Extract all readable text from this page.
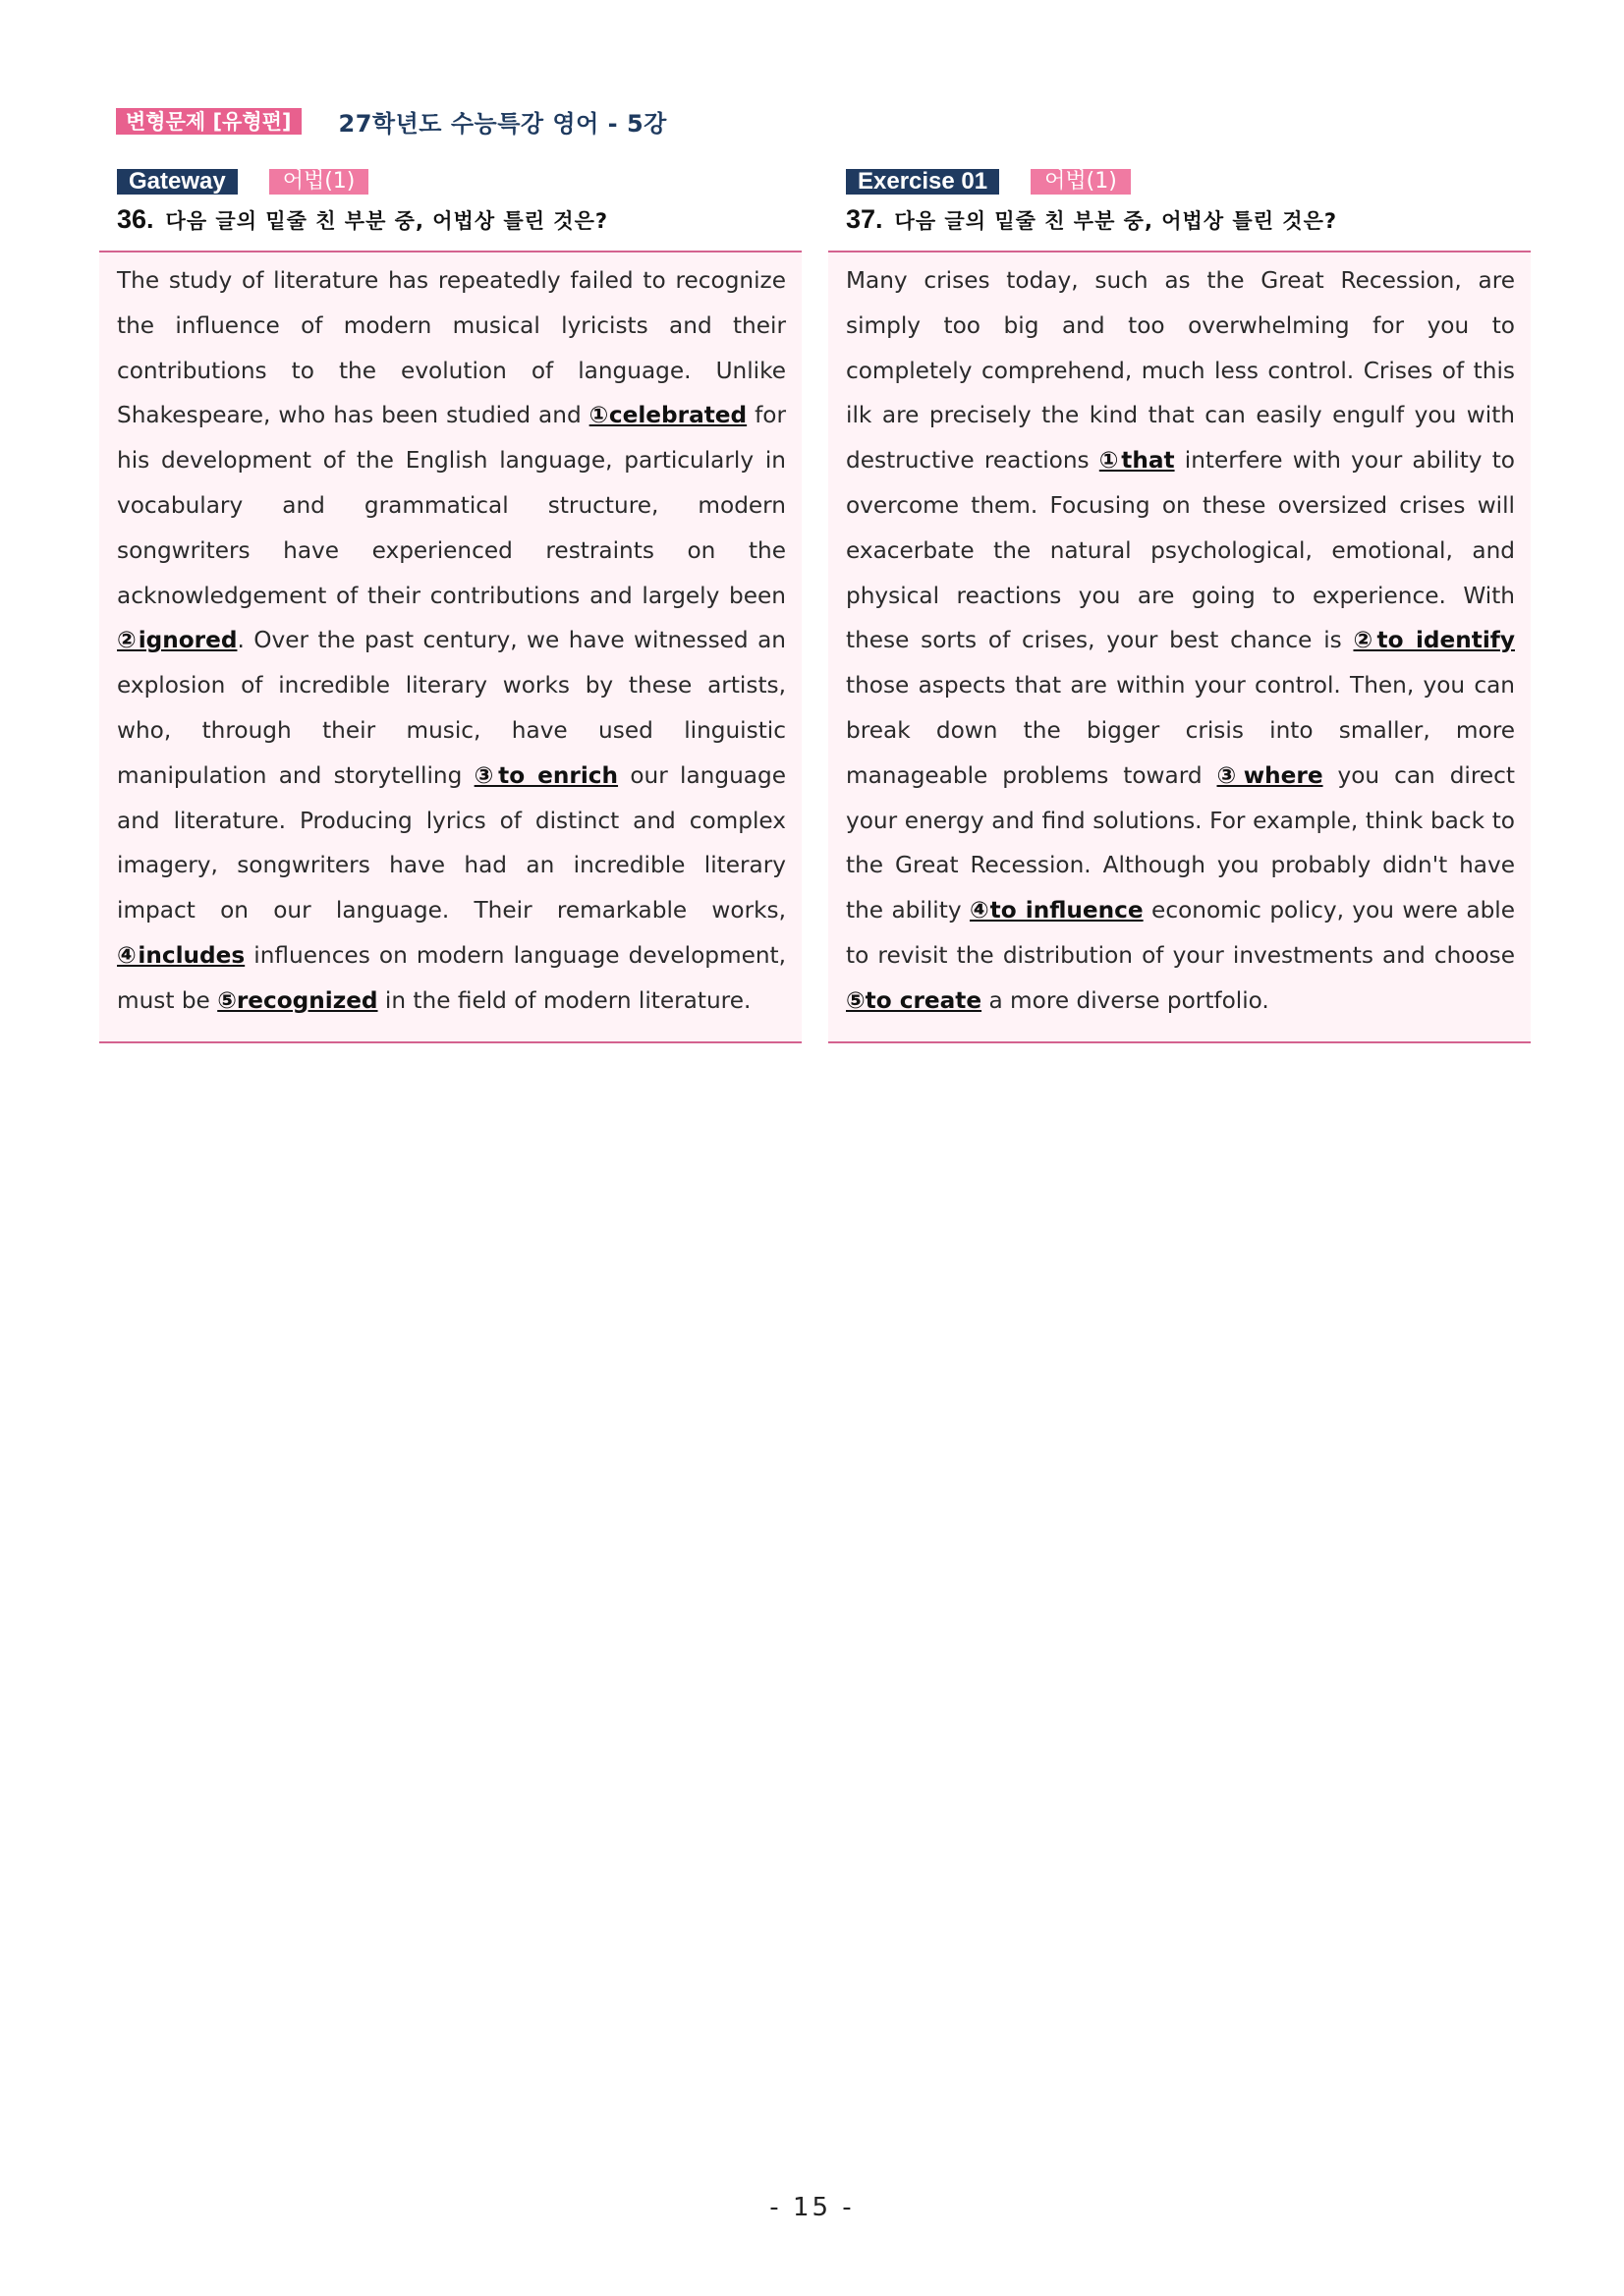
변형문제 [유형편]	27학년도 수능특강 영어 - 5강
Gateway	어법(1)
36. 다음 글의 밑줄 친 부분 중, 어법상 틀린 것은?

The study of literature has repeatedly failed to recognize the influence of modern musical lyricists and their contributions to the evolution of language. Unlike Shakespeare, who has been studied and ①celebrated for his development of the English language, particularly in vocabulary and grammatical structure, modern songwriters have experienced restraints on the acknowledgement of their contributions and largely been ②ignored. Over the past century, we have witnessed an explosion of incredible literary works by these artists, who, through their music, have used linguistic manipulation and storytelling ③to enrich our language and literature. Producing lyrics of distinct and complex imagery, songwriters have had an incredible literary impact on our language. Their remarkable works, ④includes influences on modern language development, must be ⑤recognized in the field of modern literature.

Exercise 01	어법(1)
37. 다음 글의 밑줄 친 부분 중, 어법상 틀린 것은?

Many crises today, such as the Great Recession, are simply too big and too overwhelming for you to completely comprehend, much less control. Crises of this ilk are precisely the kind that can easily engulf you with destructive reactions ①that interfere with your ability to overcome them. Focusing on these oversized crises will exacerbate the natural psychological, emotional, and physical reactions you are going to experience. With these sorts of crises, your best chance is ②to identify those aspects that are within your control. Then, you can break down the bigger crisis into smaller, more manageable problems toward ③where you can direct your energy and find solutions. For example, think back to the Great Recession. Although you probably didn't have the ability ④to influence economic policy, you were able to revisit the distribution of your investments and choose ⑤to create a more diverse portfolio.

- 15 -
